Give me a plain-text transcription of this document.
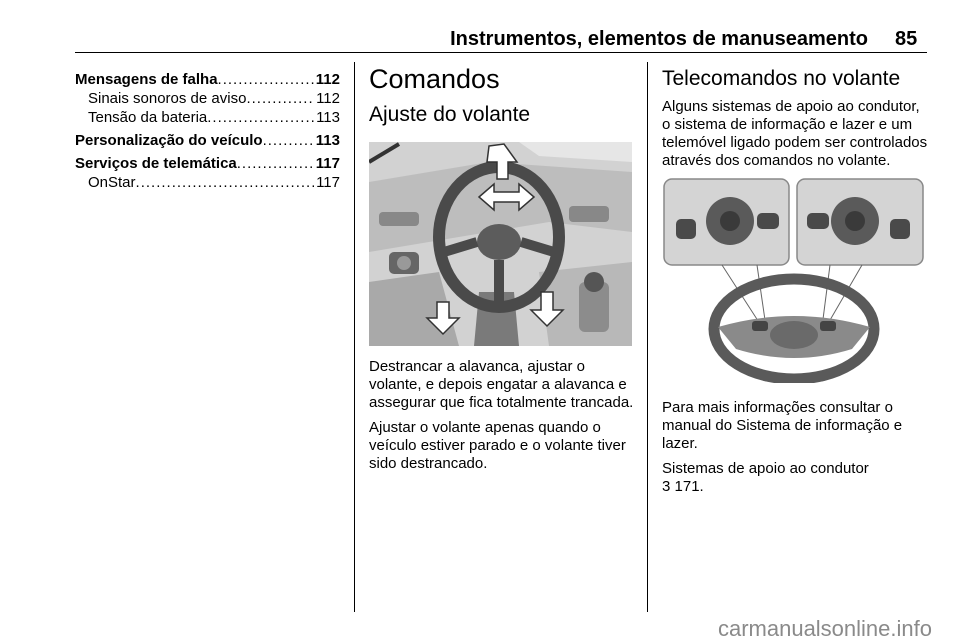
Instrumentos, elementos de manuseamento 85
Mensagens de falha .....	112
Sinais sonoros de aviso .....	112
Tensão da bateria .....	113
Personalização do veículo .....	113
Serviços de telemática .....	117
OnStar .....	117
Comandos
Ajuste do volante

Destrancar a alavanca, ajustar o volante, e depois engatar a alavanca e assegurar que fica totalmente trancada.

Ajustar o volante apenas quando o veículo estiver parado e o volante tiver sido destrancado.

Telecomandos no volante

Alguns sistemas de apoio ao condutor, o sistema de informação e lazer e um telemóvel ligado podem ser controlados através dos comandos no volante.

Para mais informações consultar o manual do Sistema de informação e lazer.

Sistemas de apoio ao condutor
3 171.

carmanualsonline.info
